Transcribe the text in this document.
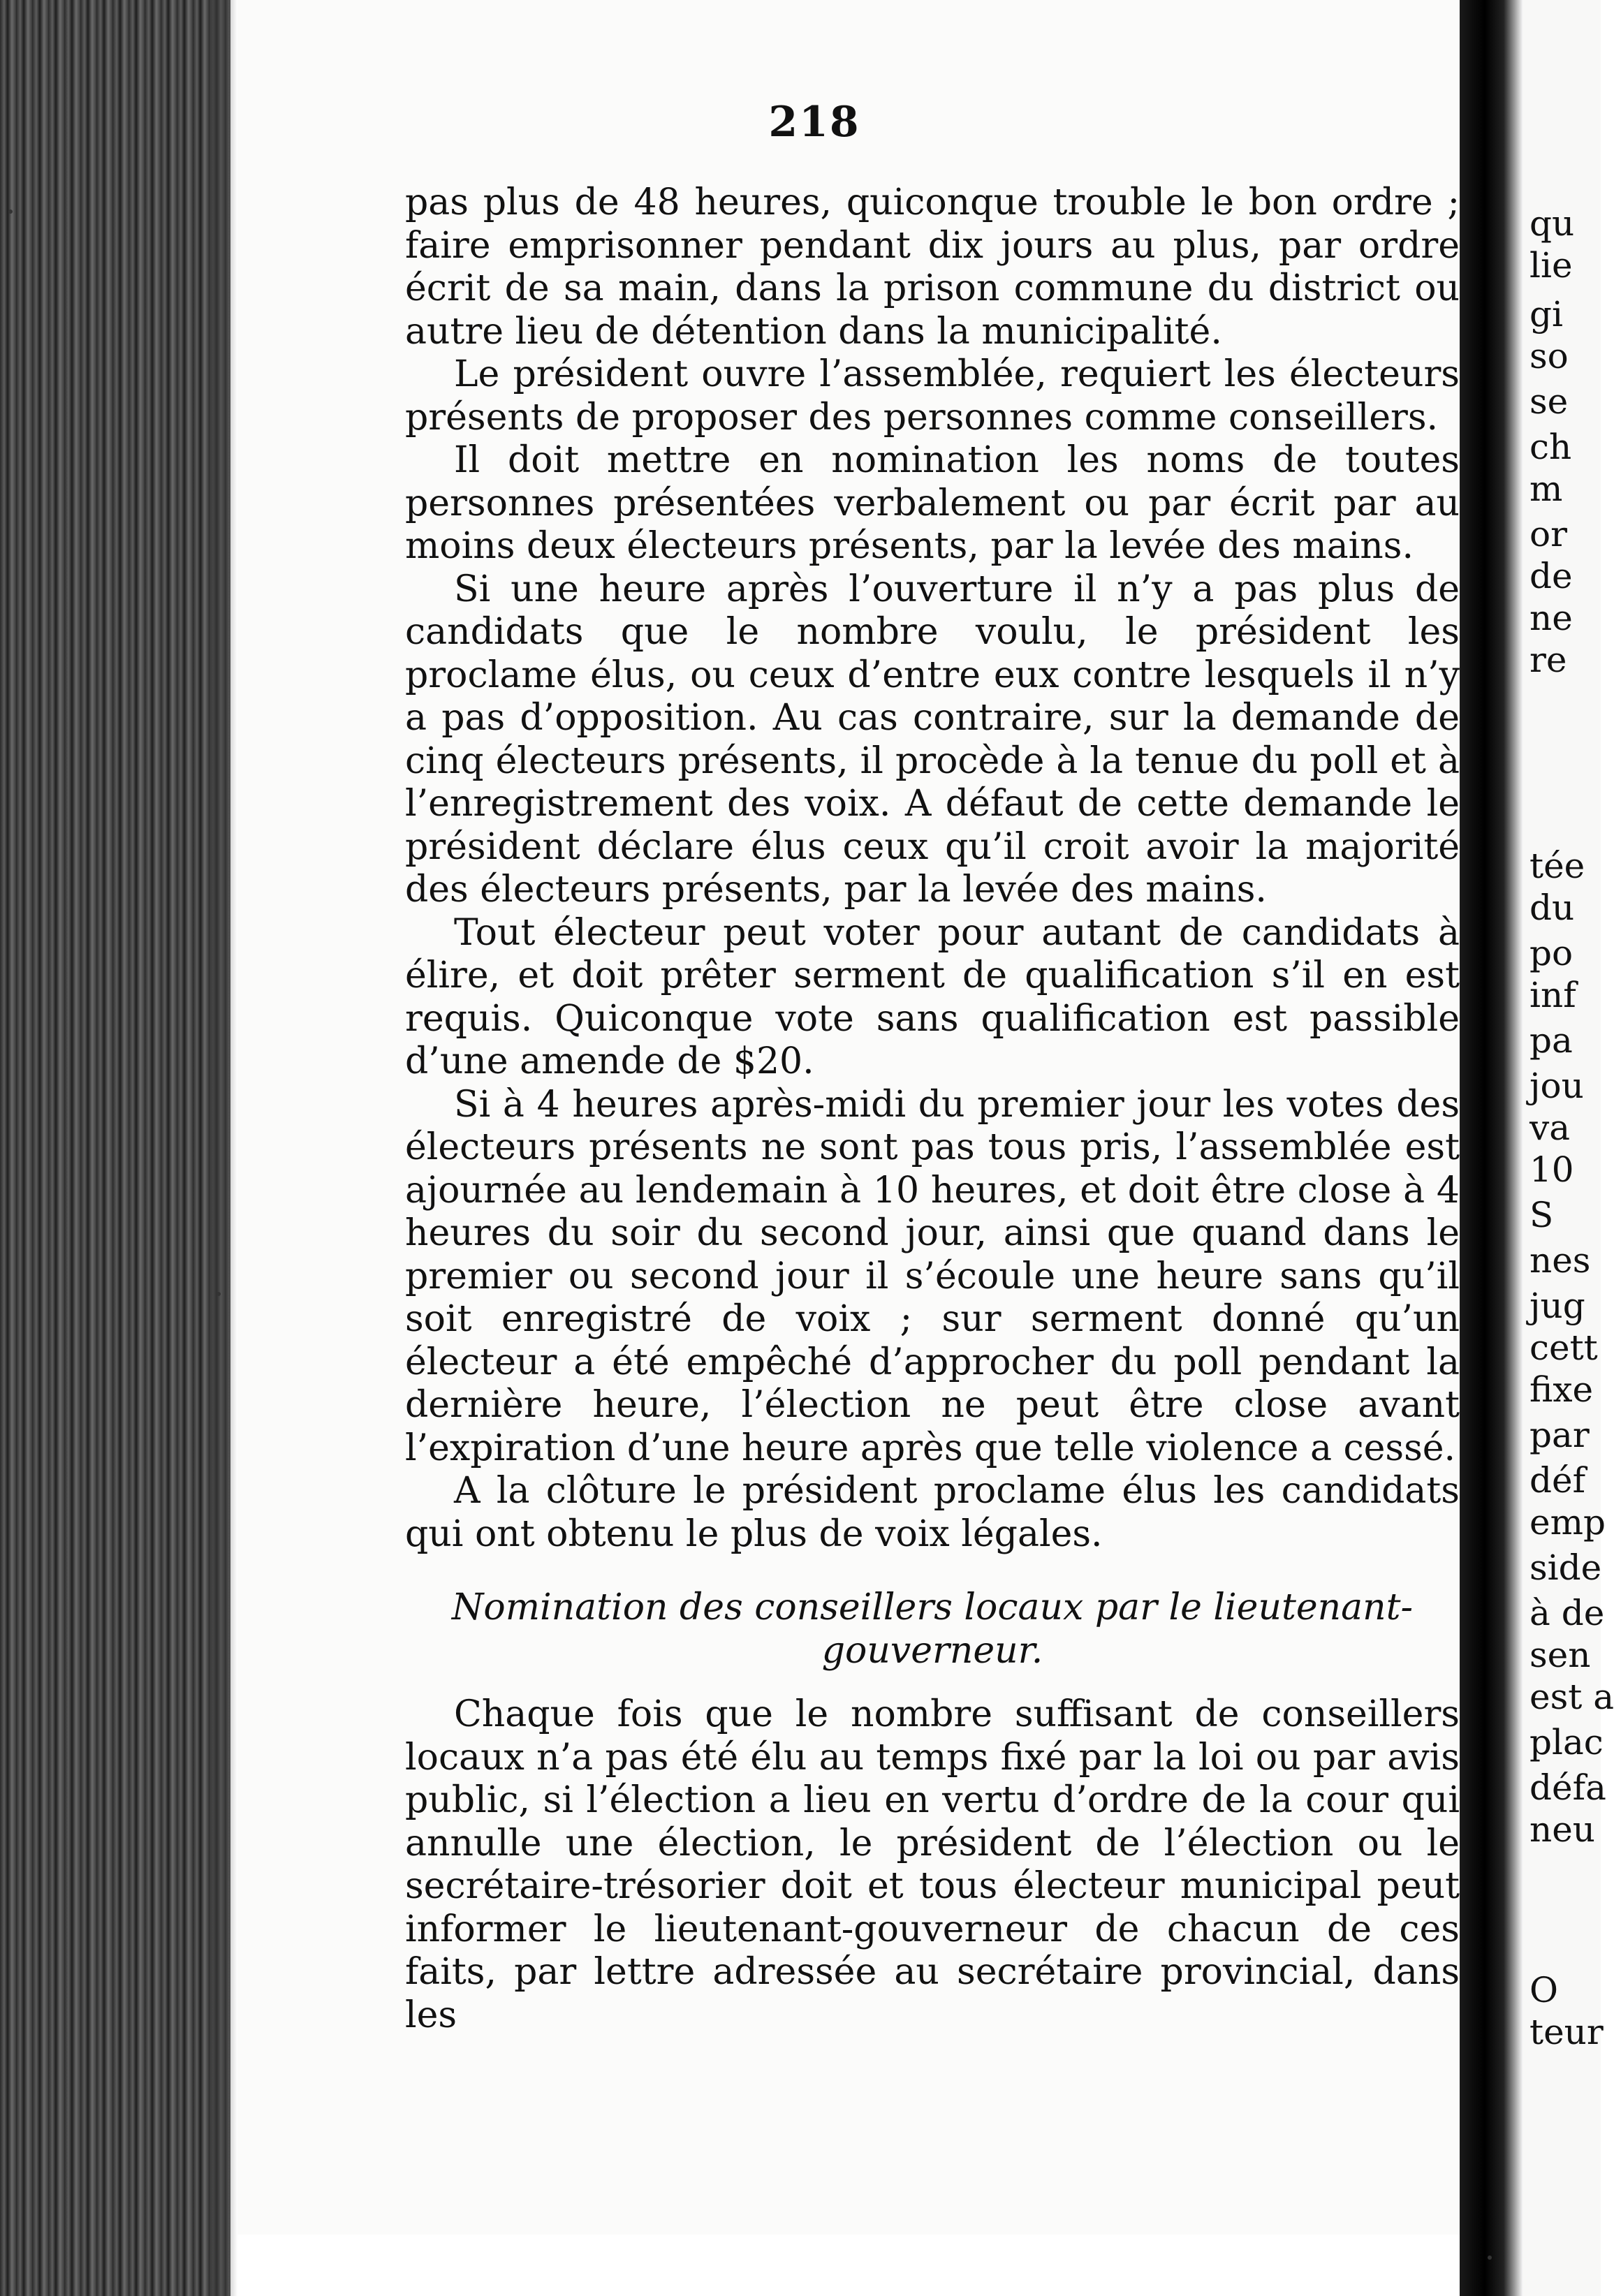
qu
lie
gi
so
se
ch
m
or
de
ne
re
tée
du
po
inf
pa
jou
va
10
S
nes
jug
cett
fixe
par
déf
emp
side
à de
sen
est a
plac
défa
neu
O
teur
218

pas plus de 48 heures, quiconque trouble le bon ordre ; faire emprisonner pendant dix jours au plus, par ordre écrit de sa main, dans la prison commune du district ou autre lieu de détention dans la municipalité.

Le président ouvre l’assemblée, requiert les électeurs présents de proposer des personnes comme conseillers.

Il doit mettre en nomination les noms de toutes personnes présentées verbalement ou par écrit par au moins deux électeurs présents, par la levée des mains.

Si une heure après l’ouverture il n’y a pas plus de candidats que le nombre voulu, le président les proclame élus, ou ceux d’entre eux contre lesquels il n’y a pas d’opposition. Au cas contraire, sur la demande de cinq électeurs présents, il procède à la tenue du poll et à l’enregistrement des voix. A défaut de cette demande le président déclare élus ceux qu’il croit avoir la majorité des électeurs présents, par la levée des mains.

Tout électeur peut voter pour autant de candidats à élire, et doit prêter serment de qualification s’il en est requis. Quiconque vote sans qualification est passible d’une amende de $20.

Si à 4 heures après-midi du premier jour les votes des électeurs présents ne sont pas tous pris, l’assemblée est ajournée au lendemain à 10 heures, et doit être close à 4 heures du soir du second jour, ainsi que quand dans le premier ou second jour il s’écoule une heure sans qu’il soit enregistré de voix ; sur serment donné qu’un électeur a été empêché d’approcher du poll pendant la dernière heure, l’élection ne peut être close avant l’expiration d’une heure après que telle violence a cessé.

A la clôture le président proclame élus les candidats qui ont obtenu le plus de voix légales.

Nomination des conseillers locaux par le lieutenant-gouverneur.

Chaque fois que le nombre suffisant de conseillers locaux n’a pas été élu au temps fixé par la loi ou par avis public, si l’élection a lieu en vertu d’ordre de la cour qui annulle une élection, le président de l’élection ou le secrétaire-trésorier doit et tous électeur municipal peut informer le lieutenant-gouverneur de chacun de ces faits, par lettre adressée au secrétaire provincial, dans les
